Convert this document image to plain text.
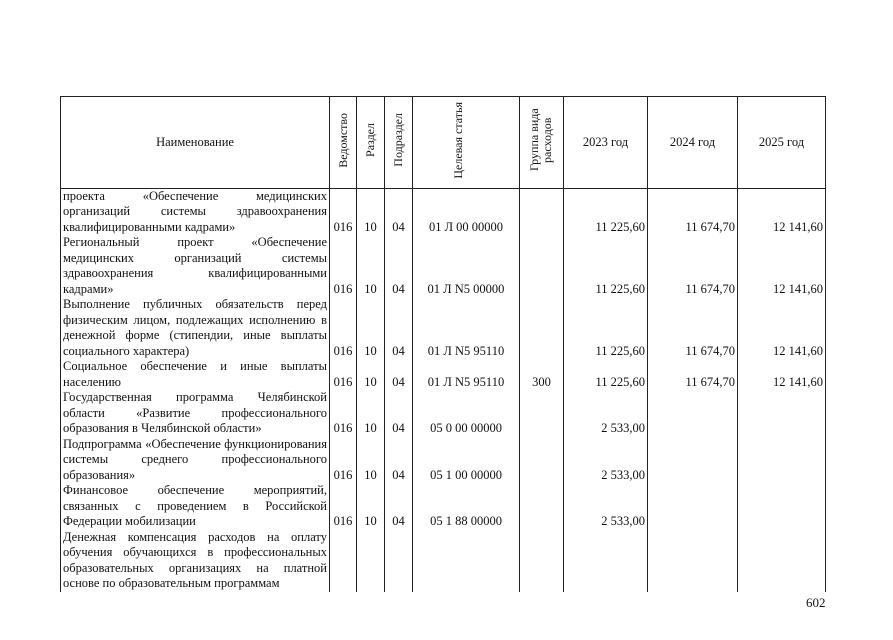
Наименование	Ведомство	Раздел	Подраздел	Целевая статья	Группа вида расходов	2023 год	2024 год	2025 год
проекта «Обеспечение медицинских организаций системы здравоохранения квалифицированными кадрами»	016	10	04	01 Л 00 00000		11 225,60	11 674,70	12 141,60
Региональный проект «Обеспечение медицинских организаций системы здравоохранения квалифицированными кадрами»	016	10	04	01 Л N5 00000		11 225,60	11 674,70	12 141,60
Выполнение публичных обязательств перед физическим лицом, подлежащих исполнению в денежной форме (стипендии, иные выплаты социального характера)	016	10	04	01 Л N5 95110		11 225,60	11 674,70	12 141,60
Социальное обеспечение и иные выплаты населению	016	10	04	01 Л N5 95110	300	11 225,60	11 674,70	12 141,60
Государственная программа Челябинской области «Развитие профессионального образования в Челябинской области»	016	10	04	05 0 00 00000		2 533,00		
Подпрограмма «Обеспечение функционирования системы среднего профессионального образования»	016	10	04	05 1 00 00000		2 533,00		
Финансовое обеспечение мероприятий, связанных с проведением в Российской Федерации мобилизации	016	10	04	05 1 88 00000		2 533,00		
Денежная компенсация расходов на оплату обучения обучающихся в профессиональных образовательных организациях на платной основе по образовательным программам								
602
